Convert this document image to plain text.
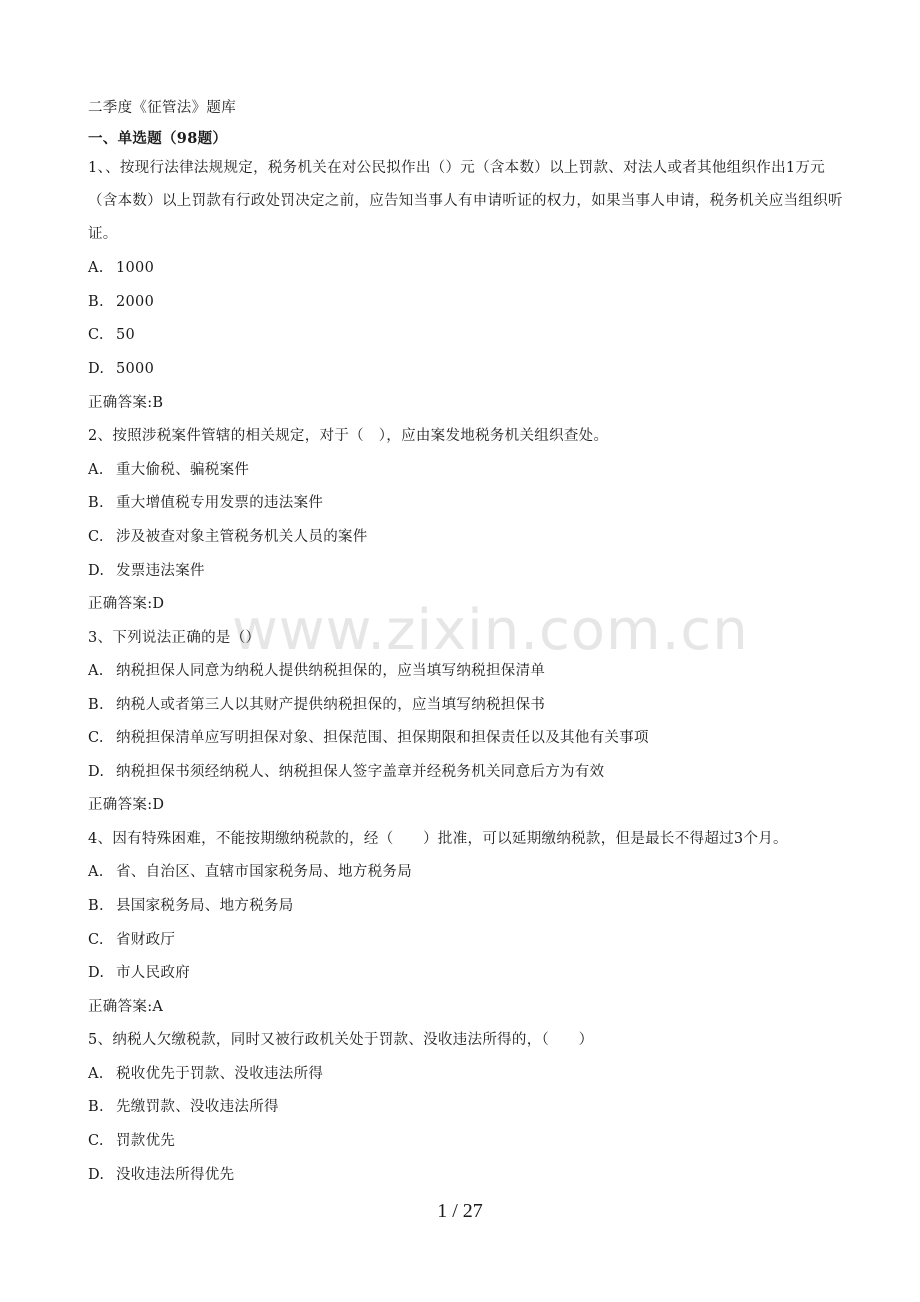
www.zixin.com.cn
二季度《征管法》题库
一、单选题（98题）
1、、按现行法律法规规定，税务机关在对公民拟作出（）元（含本数）以上罚款、对法人或者其他组织作出1万元（含本数）以上罚款有行政处罚决定之前，应告知当事人有申请听证的权力，如果当事人申请，税务机关应当组织听证。
A. 1000
B. 2000
C. 50
D. 5000
正确答案:B
2、按照涉税案件管辖的相关规定，对于（　），应由案发地税务机关组织查处。
A. 重大偷税、骗税案件
B. 重大增值税专用发票的违法案件
C. 涉及被查对象主管税务机关人员的案件
D. 发票违法案件
正确答案:D
3、下列说法正确的是（）
A. 纳税担保人同意为纳税人提供纳税担保的，应当填写纳税担保清单
B. 纳税人或者第三人以其财产提供纳税担保的，应当填写纳税担保书
C. 纳税担保清单应写明担保对象、担保范围、担保期限和担保责任以及其他有关事项
D. 纳税担保书须经纳税人、纳税担保人签字盖章并经税务机关同意后方为有效
正确答案:D
4、因有特殊困难，不能按期缴纳税款的，经（　　）批准，可以延期缴纳税款，但是最长不得超过3个月。
A. 省、自治区、直辖市国家税务局、地方税务局
B. 县国家税务局、地方税务局
C. 省财政厅
D. 市人民政府
正确答案:A
5、纳税人欠缴税款，同时又被行政机关处于罚款、没收违法所得的，（　　）
A. 税收优先于罚款、没收违法所得
B. 先缴罚款、没收违法所得
C. 罚款优先
D. 没收违法所得优先
1 / 27
